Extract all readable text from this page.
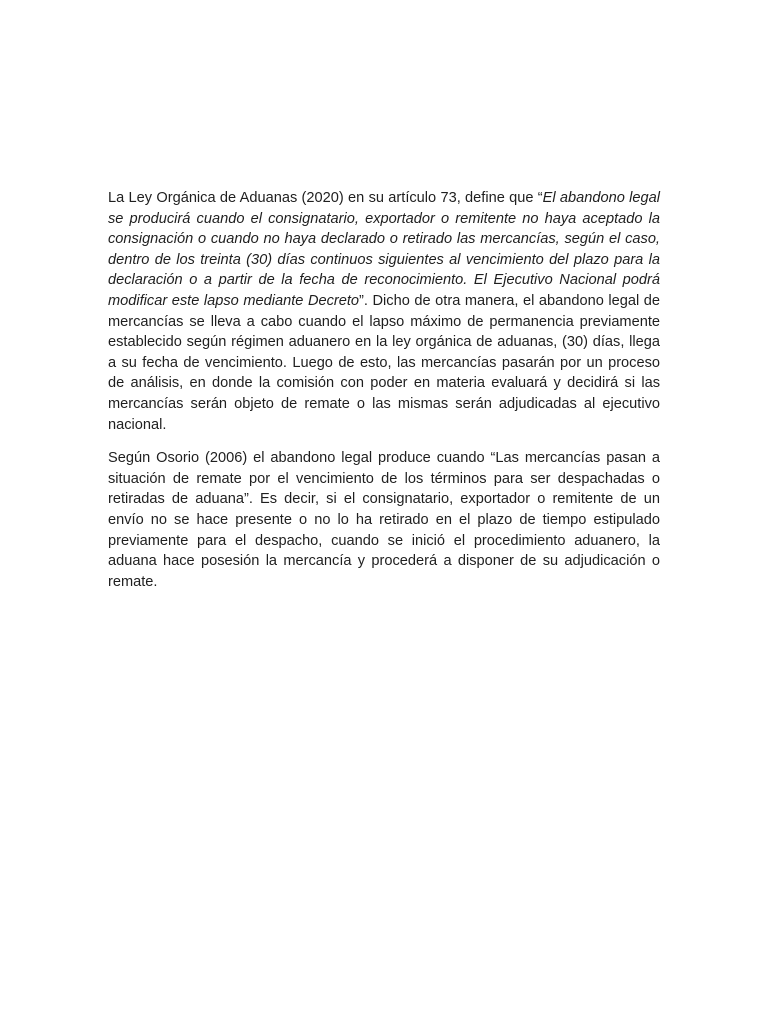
La Ley Orgánica de Aduanas (2020) en su artículo 73, define que “El abandono legal se producirá cuando el consignatario, exportador o remitente no haya aceptado la consignación o cuando no haya declarado o retirado las mercancías, según el caso, dentro de los treinta (30) días continuos siguientes al vencimiento del plazo para la declaración o a partir de la fecha de reconocimiento. El Ejecutivo Nacional podrá modificar este lapso mediante Decreto”. Dicho de otra manera, el abandono legal de mercancías se lleva a cabo cuando el lapso máximo de permanencia previamente establecido según régimen aduanero en la ley orgánica de aduanas, (30) días, llega a su fecha de vencimiento. Luego de esto, las mercancías pasarán por un proceso de análisis, en donde la comisión con poder en materia evaluará y decidirá si las mercancías serán objeto de remate o las mismas serán adjudicadas al ejecutivo nacional.

Según Osorio (2006) el abandono legal produce cuando “Las mercancías pasan a situación de remate por el vencimiento de los términos para ser despachadas o retiradas de aduana”. Es decir, si el consignatario, exportador o remitente de un envío no se hace presente o no lo ha retirado en el plazo de tiempo estipulado previamente para el despacho, cuando se inició el procedimiento aduanero, la aduana hace posesión la mercancía y procederá a disponer de su adjudicación o remate.
